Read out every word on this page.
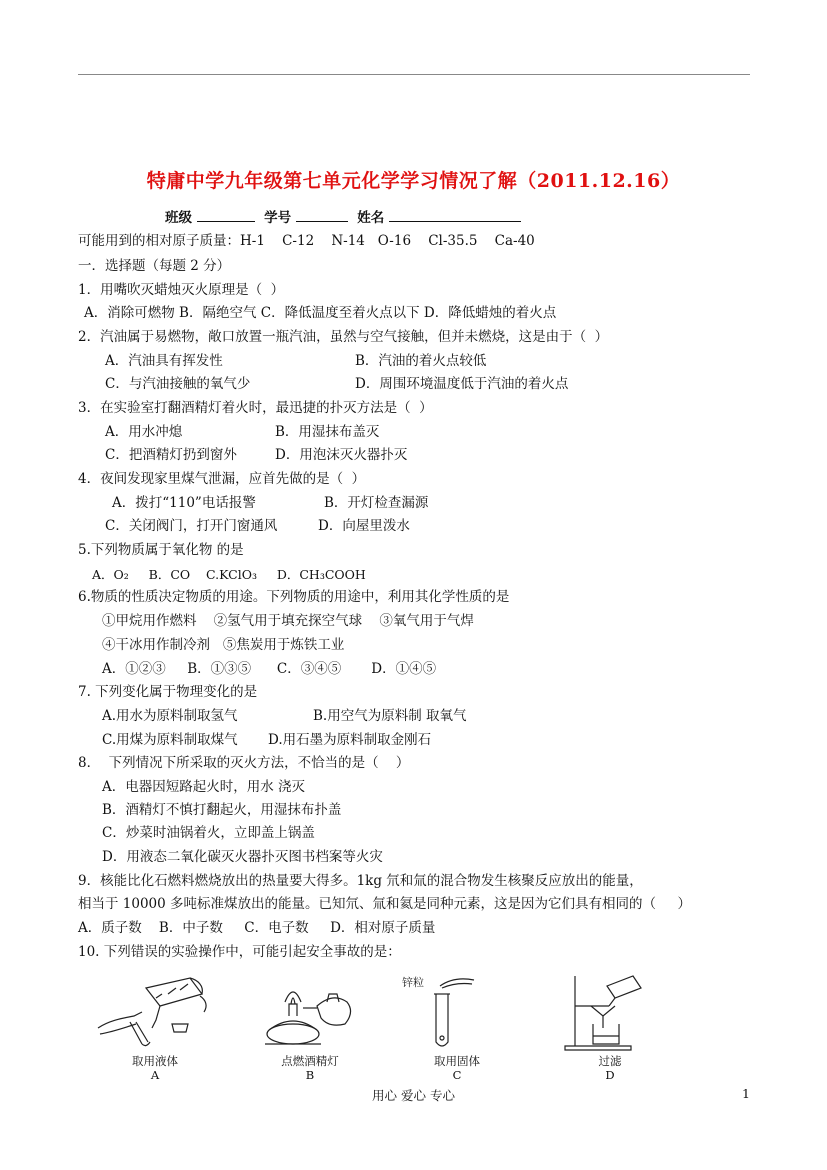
特庸中学九年级第七单元化学学习情况了解（2011.12.16）
班级	学号	姓名
可能用到的相对原子质量：H-1    C-12    N-14   O-16    Cl-35.5    Ca-40
一．选择题（每题 2 分）
1．用嘴吹灭蜡烛灭火原理是（  ）
A．消除可燃物 B．隔绝空气 C．降低温度至着火点以下 D．降低蜡烛的着火点
2．汽油属于易燃物，敞口放置一瓶汽油，虽然与空气接触，但并未燃烧，这是由于（  ）
A．汽油具有挥发性	B．汽油的着火点较低
C．与汽油接触的氧气少	D．周围环境温度低于汽油的着火点
3．在实验室打翻酒精灯着火时，最迅捷的扑灭方法是（  ）
A．用水冲熄	B．用湿抹布盖灭
C．把酒精灯扔到窗外	D．用泡沫灭火器扑灭
4．夜间发现家里煤气泄漏，应首先做的是（  ）
A．拨打“110”电话报警	B．开灯检查漏源
C．关闭阀门，打开门窗通风	D．向屋里泼水
5.下列物质属于氧化物 的是
A．O₂     B．CO    C.KClO₃     D．CH₃COOH
6.物质的性质决定物质的用途。下列物质的用途中，利用其化学性质的是
①甲烷用作燃料    ②氢气用于填充探空气球    ③氧气用于气焊
④干冰用作制冷剂   ⑤焦炭用于炼铁工业
A．①②③     B．①③⑤      C．③④⑤       D．①④⑤
7. 下列变化属于物理变化的是
A.用水为原料制取氢气	B.用空气为原料制 取氧气
C.用煤为原料制取煤气 D.用石墨为原料制取金刚石
8．  下列情况下所采取的灭火方法，不恰当的是（    ）
A．电器因短路起火时，用水 浇灭
B．酒精灯不慎打翻起火，用湿抹布扑盖
C．炒菜时油锅着火，立即盖上锅盖
D．用液态二氧化碳灭火器扑灭图书档案等火灾
9．核能比化石燃料燃烧放出的热量要大得多。1kg 氘和氚的混合物发生核聚反应放出的能量，
相当于 10000 多吨标准煤放出的能量。已知氘、氚和氦是同种元素，这是因为它们具有相同的（     ）
A．质子数    B．中子数     C．电子数     D．相对原子质量
10. 下列错误的实验操作中，可能引起安全事故的是：
取用液体
A
点燃酒精灯
B
锌粒
取用固体
C
过滤
D
用心 爱心 专心	1
